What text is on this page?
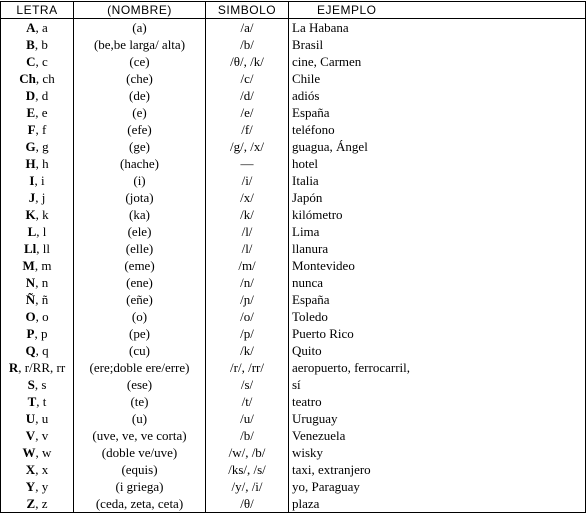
LETRA	(NOMBRE)	SIMBOLO	EJEMPLO
A, a	(a)	/a/	La Habana
B, b	(be,be larga/ alta)	/b/	Brasil
C, c	(ce)	/θ/, /k/	cine, Carmen
Ch, ch	(che)	/c/	Chile
D, d	(de)	/d/	adiós
E, e	(e)	/e/	España
F, f	(efe)	/f/	teléfono
G, g	(ge)	/g/, /x/	guagua, Ángel
H, h	(hache)	—	hotel
I, i	(i)	/i/	Italia
J, j	(jota)	/x/	Japón
K, k	(ka)	/k/	kilómetro
L, l	(ele)	/l/	Lima
Ll, ll	(elle)	/l/	llanura
M, m	(eme)	/m/	Montevideo
N, n	(ene)	/n/	nunca
Ñ, ñ	(eñe)	/ɲ/	España
O, o	(o)	/o/	Toledo
P, p	(pe)	/p/	Puerto Rico
Q, q	(cu)	/k/	Quito
R, r/RR, rr	(ere;doble ere/erre)	/r/, /rr/	aeropuerto, ferrocarril,
S, s	(ese)	/s/	sí
T, t	(te)	/t/	teatro
U, u	(u)	/u/	Uruguay
V, v	(uve, ve, ve corta)	/b/	Venezuela
W, w	(doble ve/uve)	/w/, /b/	wisky
X, x	(equis)	/ks/, /s/	taxi, extranjero
Y, y	(i griega)	/y/, /i/	yo, Paraguay
Z, z	(ceda, zeta, ceta)	/θ/	plaza
